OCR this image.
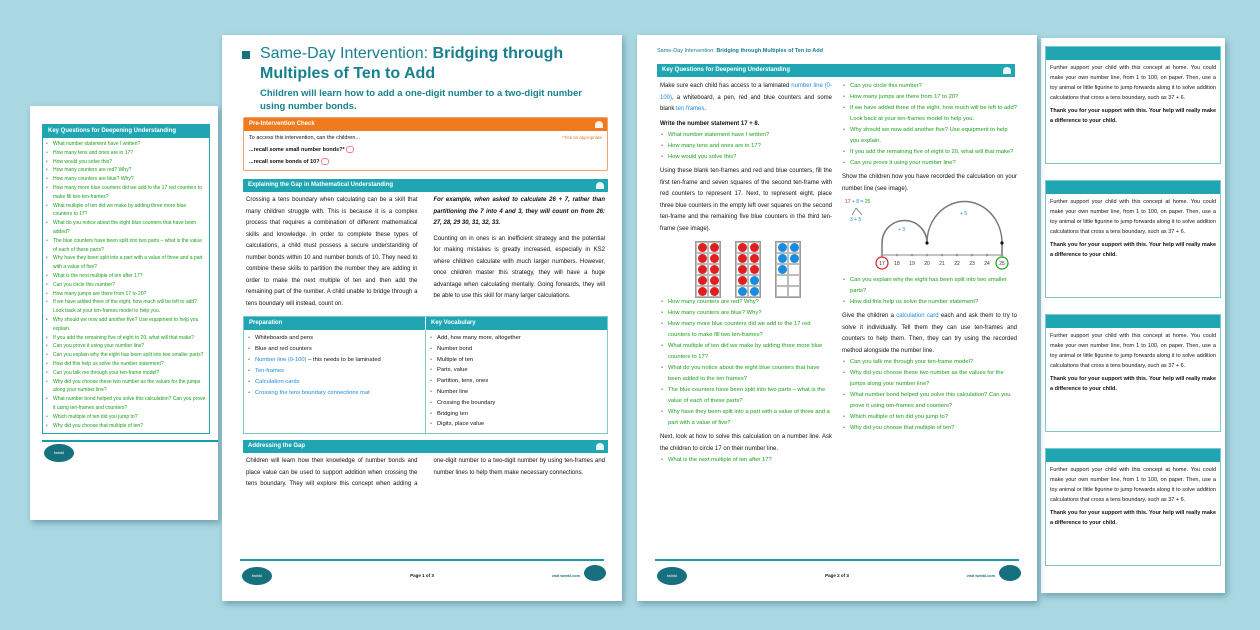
Key Questions for Deepening Understanding
• What number statement have I written?
• How many tens and ones are in 17?
• How would you solve this?
• How many counters are red? Why?
• How many counters are blue? Why?
• How many more blue counters did we add to the 17 red counters to make fill two ten-frames?
• What multiple of ten did we make by adding three more blue counters to 17?
• What do you notice about the eight blue counters that have been added?
• The blue counters have been split into two parts – what is the value of each of these parts?
• Why have they been split into a part with a value of three and a part with a value of five?
• What is the next multiple of ten after 17?
• Can you circle this number?
• How many jumps are there from 17 to 20?
• If we have added three of the eight, how much will be left to add? Look back at your ten-frames model to help you.
• Why should we now add another five? Use equipment to help you explain.
• If you add the remaining five of eight to 20, what will that make?
• Can you prove it using your number line?
• Can you explain why the eight has been split into two smaller parts?
• How did this help us solve the number statement?
• Can you talk me through your ten-frame model?
• Why did you choose these two number as the values for the jumps along your number line?
• What number bond helped you solve this calculation? Can you prove it using ten-frames and counters?
• Which multiple of ten did you jump to?
• Why did you choose that multiple of ten?
twinkl

Further support your child with this concept at home. You could make your own number line, from 1 to 100, on paper. Then, use a toy animal or little figurine to jump forwards along it to solve addition calculations that cross a tens boundary, such as 37 + 6.

Thank you for your support with this. Your help will really make a difference to your child.

Further support your child with this concept at home. You could make your own number line, from 1 to 100, on paper. Then, use a toy animal or little figurine to jump forwards along it to solve addition calculations that cross a tens boundary, such as 37 + 6.

Thank you for your support with this. Your help will really make a difference to your child.

Further support your child with this concept at home. You could make your own number line, from 1 to 100, on paper. Then, use a toy animal or little figurine to jump forwards along it to solve addition calculations that cross a tens boundary, such as 37 + 6.

Thank you for your support with this. Your help will really make a difference to your child.

Further support your child with this concept at home. You could make your own number line, from 1 to 100, on paper. Then, use a toy animal or little figurine to jump forwards along it to solve addition calculations that cross a tens boundary, such as 37 + 6.

Thank you for your support with this. Your help will really make a difference to your child.

Same-Day Intervention: Bridging through Multiples of Ten to Add
Children will learn how to add a one-digit number to a two-digit number using number bonds.
Pre-Intervention Check
To access this intervention, can the children...	*Tick as appropriate
...recall some small number bonds?*
...recall some bonds of 10?
Explaining the Gap in Mathematical Understanding

Crossing a tens boundary when calculating can be a skill that many children struggle with. This is because it is a complex process that requires a combination of different mathematical skills and knowledge. In order to complete these types of calculations, a child must possess a secure understanding of number bonds within 10 and number bonds of 10. They need to combine these skills to partition the number they are adding in order to make the next multiple of ten and then add the remaining part of the number. A child unable to bridge through a tens boundary will instead, count on.

For example, when asked to calculate 26 + 7, rather than partitioning the 7 into 4 and 3, they will count on from 26: 27, 28, 29 30, 31, 32, 33.

Counting on in ones is an inefficient strategy and the potential for making mistakes is greatly increased, especially in KS2 where children calculate with much larger numbers. However, once children master this strategy, they will have a huge advantage when calculating mentally. Going forwards, they will be able to use this skill for many larger calculations.

Preparation	Key Vocabulary
• Whiteboards and pens
• Blue and red counters
• Number line (0-100) – this needs to be laminated
• Ten-frames
• Calculation cards
• Crossing the tens boundary connections mat
• Add, how many more, altogether
• Number bond
• Multiple of ten
• Parts, value
• Partition, tens, ones
• Number line
• Crossing the boundary
• Bridging ten
• Digits, place value
Addressing the Gap
Children will learn how their knowledge of number bonds and place value can be used to support addition when crossing the tens boundary. They will explore this concept when adding a one-digit number to a two-digit number by using ten-frames and number lines to help them make necessary connections.
twinkl	Page 1 of 3	visit twinkl.com
Same-Day Intervention: Bridging through Multiples of Ten to Add
Key Questions for Deepening Understanding

Make sure each child has access to a laminated number line (0-100), a whiteboard, a pen, red and blue counters and some blank ten frames.

Write the number statement 17 + 8.

• What number statement have I written?
• How many tens and ones are in 17?
• How would you solve this?

Using these blank ten-frames and red and blue counters, fill the first ten-frame and seven squares of the second ten-frame with red counters to represent 17. Next, to represent eight, place three blue counters in the empty left over squares on the second ten-frame and the remaining five blue counters in the third ten-frame (see image).

• How many counters are red? Why?
• How many counters are blue? Why?
• How many more blue counters did we add to the 17 red counters to make fill two ten-frames?
• What multiple of ten did we make by adding three more blue counters to 17?
• What do you notice about the eight blue counters that have been added to the ten frames?
• The blue counters have been split into two parts – what is the value of each of these parts?
• Why have they been split into a part with a value of three and a part with a value of five?

Next, look at how to solve this calculation on a number line. Ask the children to circle 17 on their number line.

• What is the next multiple of ten after 17?
• Can you circle this number?
• How many jumps are there from 17 to 20?
• If we have added three of the eight, how much will be left to add? Look back at your ten-frames model to help you.
• Why should we now add another five? Use equipment to help you explain.
• If you add the remaining five of eight to 20, what will that make?
• Can you prove it using your number line?

Show the children how you have recorded the calculation on your number line (see image).

17 + 8 = 25
3 + 5
17 18 19 20 21 22 23 24 25
+ 3
+ 5
• Can you explain why the eight has been split into two smaller parts?
• How did this help us solve the number statement?

Give the children a calculation card each and ask them to try to solve it individually. Tell them they can use ten-frames and counters to help them. Then, they can try using the recorded method alongside the number line.

• Can you talk me through your ten-frame model?
• Why did you choose these two number as the values for the jumps along your number line?
• What number bond helped you solve this calculation? Can you prove it using ten-frames and counters?
• Which multiple of ten did you jump to?
• Why did you choose that multiple of ten?
twinkl	Page 2 of 3	visit twinkl.com
